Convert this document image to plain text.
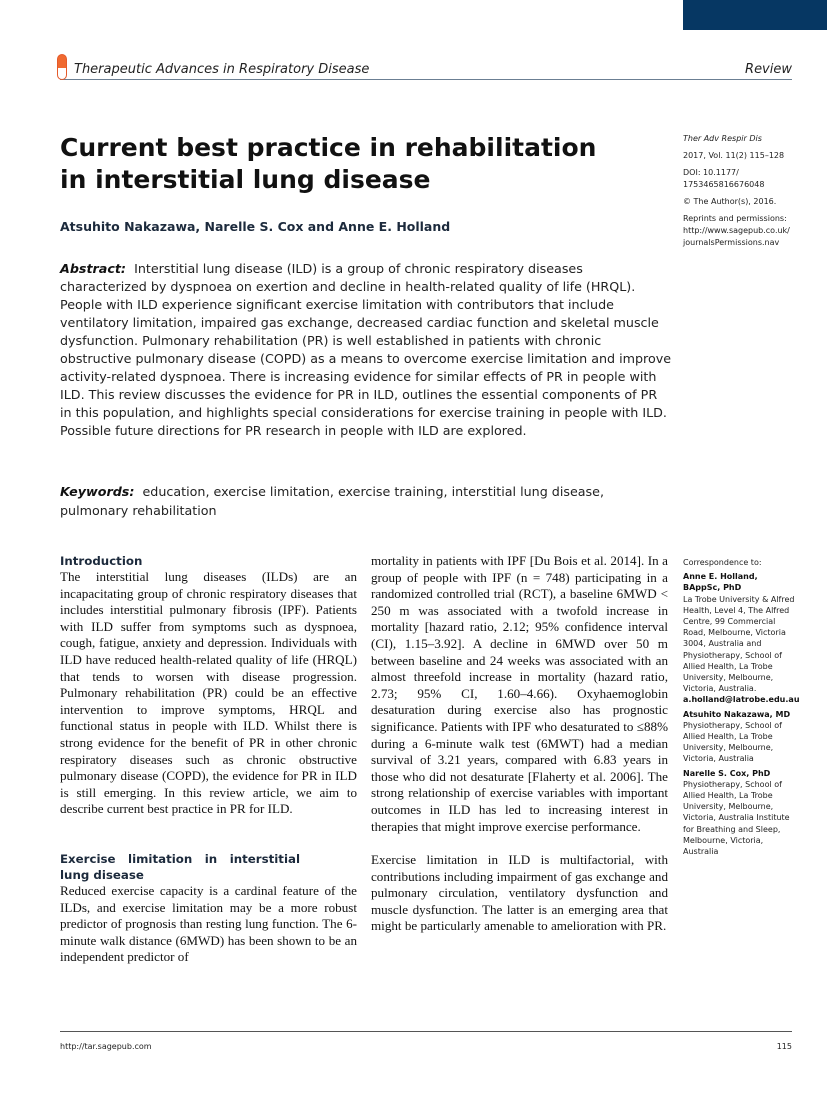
Therapeutic Advances in Respiratory Disease	Review
Current best practice in rehabilitation in interstitial lung disease
Atsuhito Nakazawa, Narelle S. Cox and Anne E. Holland

Ther Adv Respir Dis

2017, Vol. 11(2) 115–128

DOI: 10.1177/ 1753465816676048

© The Author(s), 2016.

Reprints and permissions: http://www.sagepub.co.uk/ journalsPermissions.nav

Abstract: Interstitial lung disease (ILD) is a group of chronic respiratory diseases characterized by dyspnoea on exertion and decline in health-related quality of life (HRQL). People with ILD experience significant exercise limitation with contributors that include ventilatory limitation, impaired gas exchange, decreased cardiac function and skeletal muscle dysfunction. Pulmonary rehabilitation (PR) is well established in patients with chronic obstructive pulmonary disease (COPD) as a means to overcome exercise limitation and improve activity-related dyspnoea. There is increasing evidence for similar effects of PR in people with ILD. This review discusses the evidence for PR in ILD, outlines the essential components of PR in this population, and highlights special considerations for exercise training in people with ILD. Possible future directions for PR research in people with ILD are explored.
Keywords: education, exercise limitation, exercise training, interstitial lung disease, pulmonary rehabilitation
Introduction

The interstitial lung diseases (ILDs) are an incapacitating group of chronic respiratory diseases that includes interstitial pulmonary fibrosis (IPF). Patients with ILD suffer from symptoms such as dyspnoea, cough, fatigue, anxiety and depression. Individuals with ILD have reduced health-related quality of life (HRQL) that tends to worsen with disease progression. Pulmonary rehabilitation (PR) could be an effective intervention to improve symptoms, HRQL and functional status in people with ILD. Whilst there is strong evidence for the benefit of PR in other chronic respiratory diseases such as chronic obstructive pulmonary disease (COPD), the evidence for PR in ILD is still emerging. In this review article, we aim to describe current best practice in PR for ILD.

Exercise limitation in interstitial lung disease

Reduced exercise capacity is a cardinal feature of the ILDs, and exercise limitation may be a more robust predictor of prognosis than resting lung function. The 6-minute walk distance (6MWD) has been shown to be an independent predictor of

mortality in patients with IPF [Du Bois et al. 2014]. In a group of people with IPF (n = 748) participating in a randomized controlled trial (RCT), a baseline 6MWD < 250 m was associated with a twofold increase in mortality [hazard ratio, 2.12; 95% confidence interval (CI), 1.15–3.92]. A decline in 6MWD over 50 m between baseline and 24 weeks was associated with an almost threefold increase in mortality (hazard ratio, 2.73; 95% CI, 1.60–4.66). Oxyhaemoglobin desaturation during exercise also has prognostic significance. Patients with IPF who desaturated to ≤88% during a 6-minute walk test (6MWT) had a median survival of 3.21 years, compared with 6.83 years in those who did not desaturate [Flaherty et al. 2006]. The strong relationship of exercise variables with important outcomes in ILD has led to increasing interest in therapies that might improve exercise performance.

Exercise limitation in ILD is multifactorial, with contributions including impairment of gas exchange and pulmonary circulation, ventilatory dysfunction and muscle dysfunction. The latter is an emerging area that might be particularly amenable to amelioration with PR.

Correspondence to:

Anne E. Holland, BAppSc, PhD
La Trobe University & Alfred Health, Level 4, The Alfred Centre, 99 Commercial Road, Melbourne, Victoria 3004, Australia and Physiotherapy, School of Allied Health, La Trobe University, Melbourne, Victoria, Australia.
a.holland@latrobe.edu.au

Atsuhito Nakazawa, MD
Physiotherapy, School of Allied Health, La Trobe University, Melbourne, Victoria, Australia

Narelle S. Cox, PhD
Physiotherapy, School of Allied Health, La Trobe University, Melbourne, Victoria, Australia Institute for Breathing and Sleep, Melbourne, Victoria, Australia

http://tar.sagepub.com	115
